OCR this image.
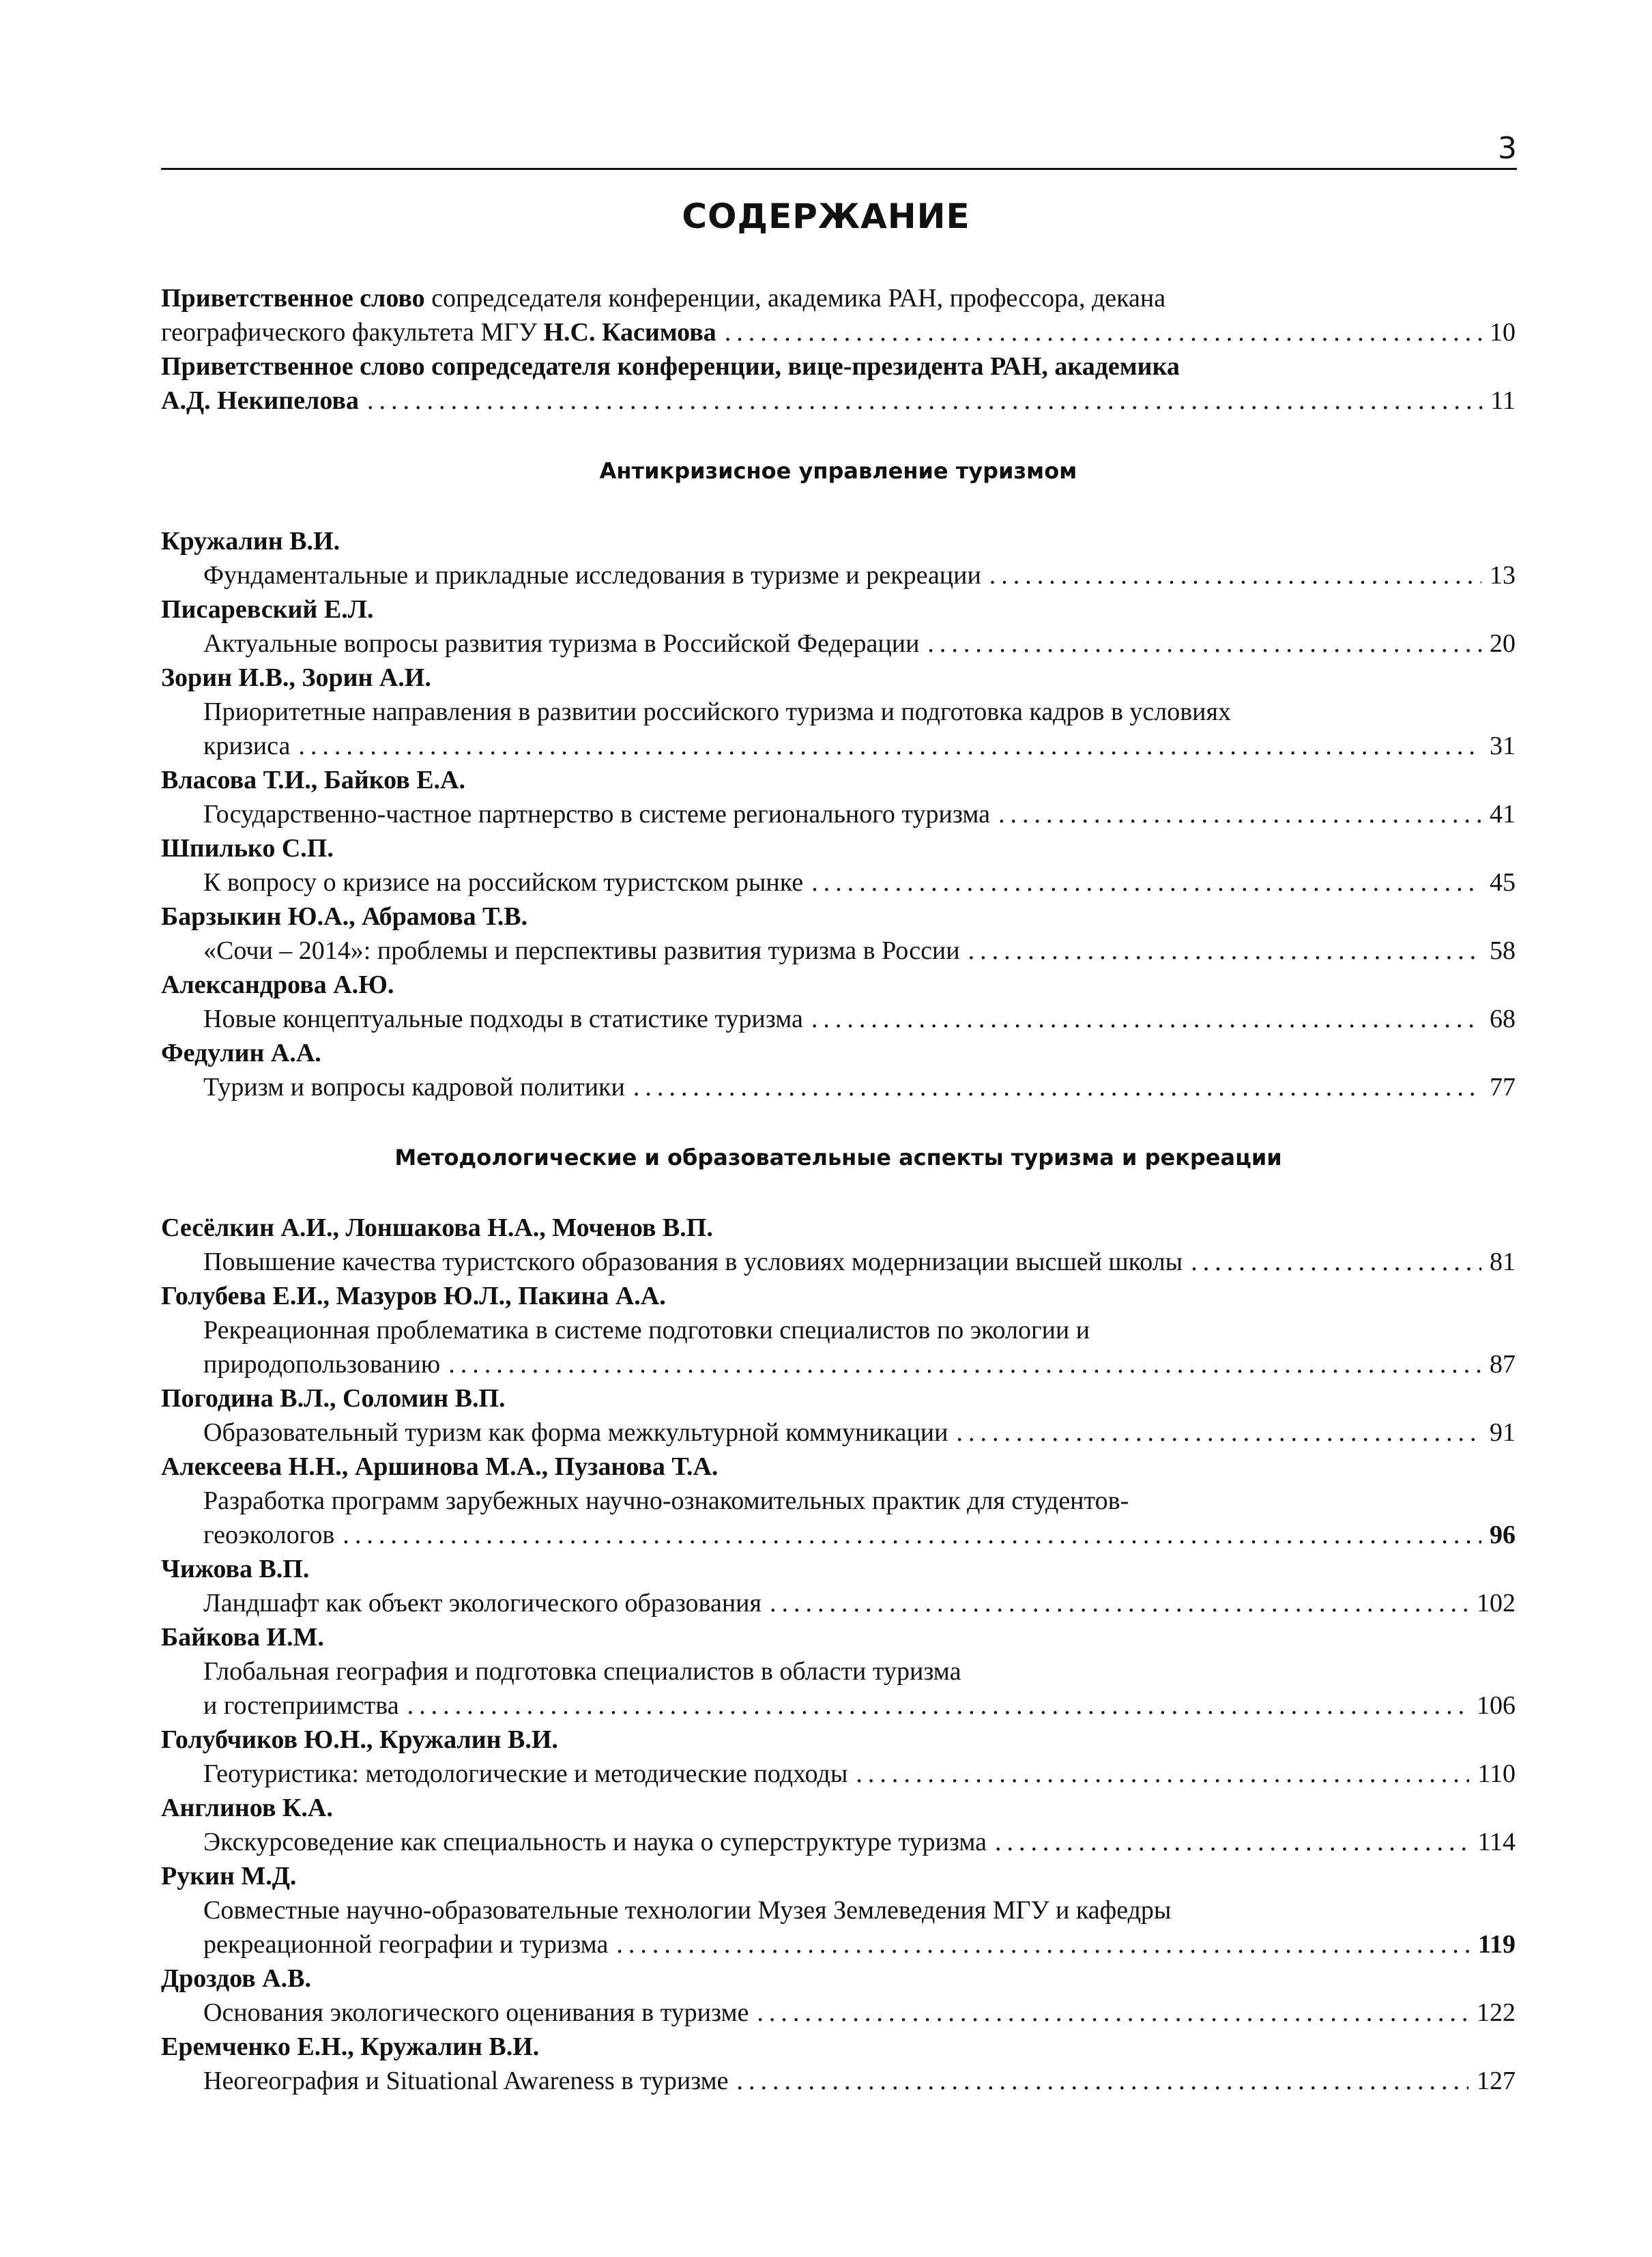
3
СОДЕРЖАНИЕ
Приветственное слово сопредседателя конференции, академика РАН, профессора, декана
географического факультета МГУ Н.С. Касимова .....	10
Приветственное слово сопредседателя конференции, вице-президента РАН, академика
А.Д. Некипелова .....	11
Антикризисное управление туризмом
Кружалин В.И.
Фундаментальные и прикладные исследования в туризме и рекреации .....	13
Писаревский Е.Л.
Актуальные вопросы развития туризма в Российской Федерации .....	20
Зорин И.В., Зорин А.И.
Приоритетные направления в развитии российского туризма и подготовка кадров в условиях
кризиса .....	31
Власова Т.И., Байков Е.А.
Государственно-частное партнерство в системе регионального туризма .....	41
Шпилько С.П.
К вопросу о кризисе на российском туристском рынке .....	45
Барзыкин Ю.А., Абрамова Т.В.
«Сочи – 2014»: проблемы и перспективы развития туризма в России .....	58
Александрова А.Ю.
Новые концептуальные подходы в статистике туризма .....	68
Федулин А.А.
Туризм и вопросы кадровой политики .....	77
Методологические и образовательные аспекты туризма и рекреации
Сесёлкин А.И., Лоншакова Н.А., Моченов В.П.
Повышение качества туристского образования в условиях модернизации высшей школы .....	81
Голубева Е.И., Мазуров Ю.Л., Пакина А.А.
Рекреационная проблематика в системе подготовки специалистов по экологии и
природопользованию .....	87
Погодина В.Л., Соломин В.П.
Образовательный туризм как форма межкультурной коммуникации .....	91
Алексеева Н.Н., Аршинова М.А., Пузанова Т.А.
Разработка программ зарубежных научно-ознакомительных практик для студентов-
геоэкологов .....	96
Чижова В.П.
Ландшафт как объект экологического образования .....	102
Байкова И.М.
Глобальная география и подготовка специалистов в области туризма
и гостеприимства .....	106
Голубчиков Ю.Н., Кружалин В.И.
Геотуристика: методологические и методические подходы .....	110
Англинов К.А.
Экскурсоведение как специальность и наука о суперструктуре туризма .....	114
Рукин М.Д.
Совместные научно-образовательные технологии Музея Землеведения МГУ и кафедры
рекреационной географии и туризма .....	119
Дроздов А.В.
Основания экологического оценивания в туризме .....	122
Еремченко Е.Н., Кружалин В.И.
Неогеография и Situational Awareness в туризме .....	127
